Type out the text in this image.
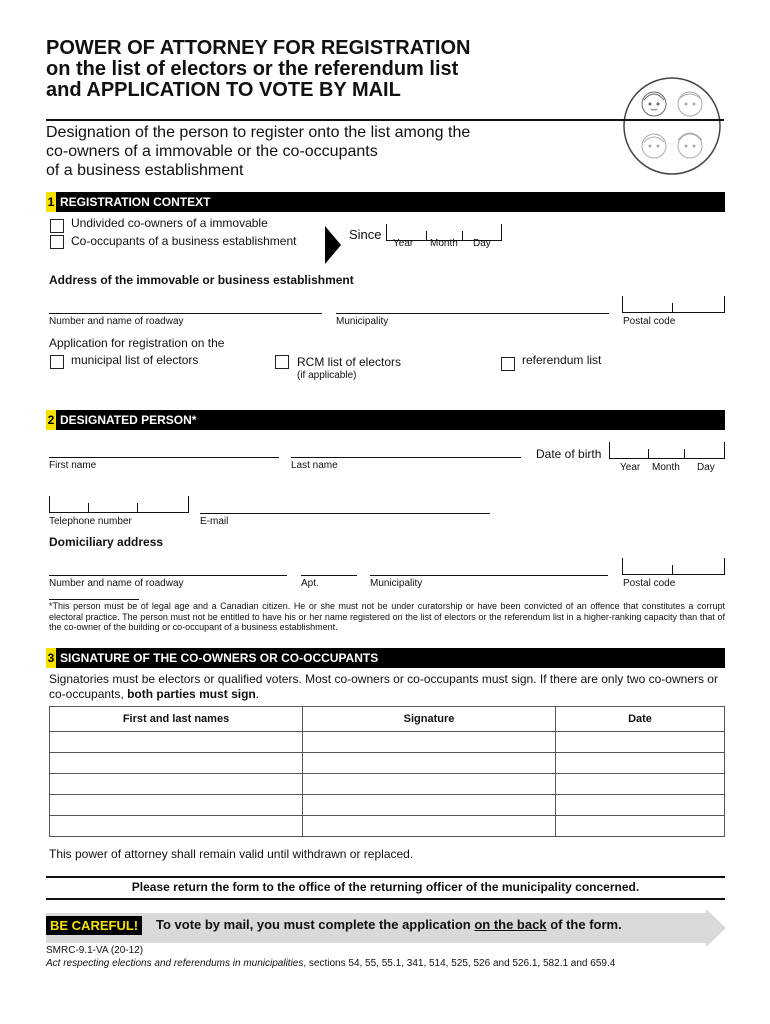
POWER OF ATTORNEY FOR REGISTRATION
on the list of electors or the referendum list
and APPLICATION TO VOTE BY MAIL
Designation of the person to register onto the list among the
co-owners of a immovable or the co-occupants
of a business establishment
1 REGISTRATION CONTEXT
Undivided co-owners of a immovable
Co-occupants of a business establishment	Since
Year Month Day
Address of the immovable or business establishment
Number and name of roadway	Municipality	Postal code
Application for registration on the
municipal list of electors	RCM list of electors
(if applicable)
referendum list
2 DESIGNATED PERSON*
First name	Last name
Date of birth
Year Month Day
Telephone number	E-mail
Domiciliary address
Number and name of roadway	Apt.	Municipality	Postal code
*This person must be of legal age and a Canadian citizen. He or she must not be under curatorship or have been convicted of an offence that constitutes a corrupt electoral practice. The person must not be entitled to have his or her name registered on the list of electors or the referendum list in a higher-ranking capacity than that of the co-owner of the building or co-occupant of a business establishment.
3 SIGNATURE OF THE CO-OWNERS OR CO-OCCUPANTS
Signatories must be electors or qualified voters. Most co-owners or co-occupants must sign. If there are only two co-owners or co-occupants, both parties must sign.
First and last names	Signature	Date

This power of attorney shall remain valid until withdrawn or replaced.
Please return the form to the office of the returning officer of the municipality concerned.
BE CAREFUL!	To vote by mail, you must complete the application on the back of the form.
SMRC-9.1-VA (20-12)
Act respecting elections and referendums in municipalities, sections 54, 55, 55.1, 341, 514, 525, 526 and 526.1, 582.1 and 659.4
